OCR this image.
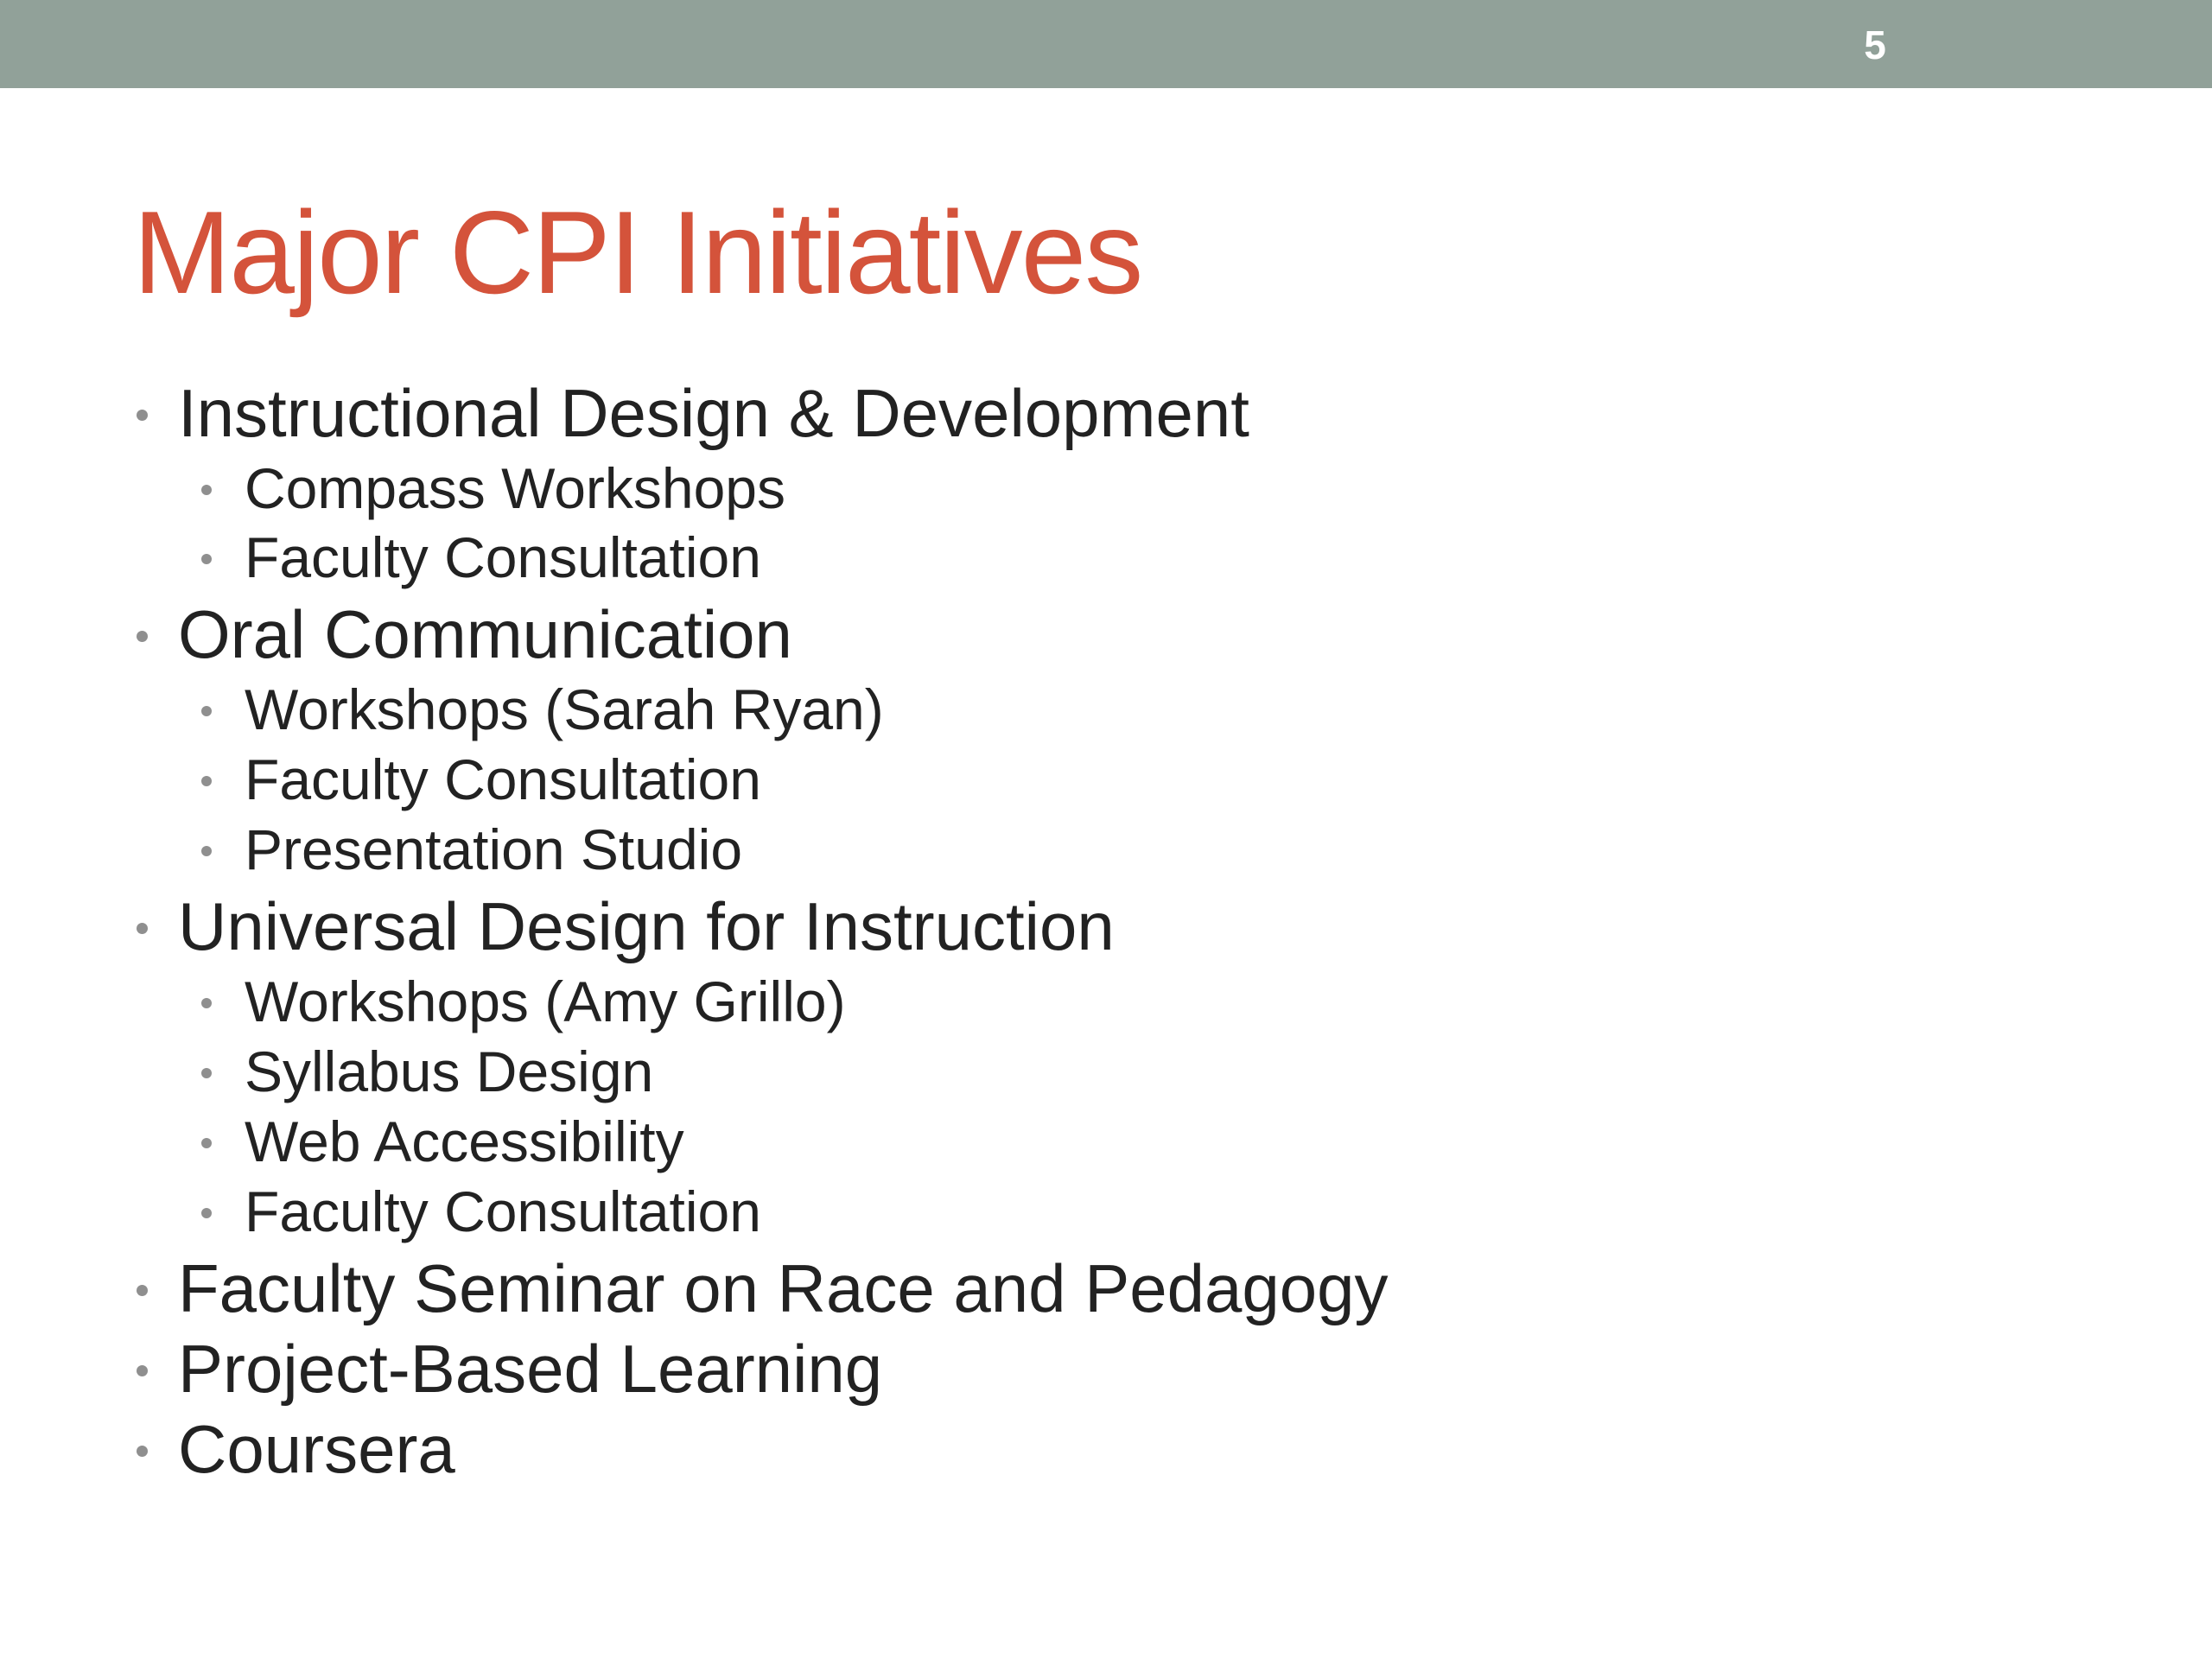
5
Major CPI Initiatives
Instructional Design & Development
Compass Workshops
Faculty Consultation
Oral Communication
Workshops (Sarah Ryan)
Faculty Consultation
Presentation Studio
Universal Design for Instruction
Workshops (Amy Grillo)
Syllabus Design
Web Accessibility
Faculty Consultation
Faculty Seminar on Race and Pedagogy
Project-Based Learning
Coursera
